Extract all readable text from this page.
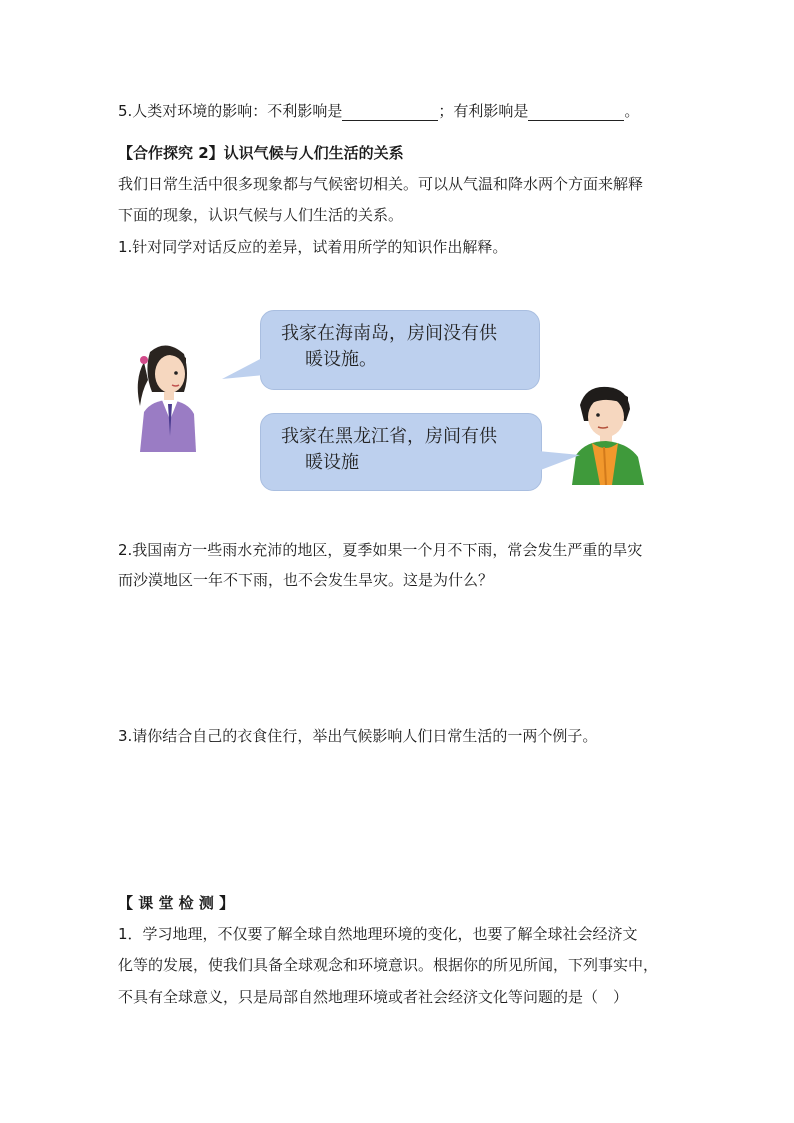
5.人类对环境的影响：不利影响是	；有利影响是	。
【合作探究 2】认识气候与人们生活的关系
我们日常生活中很多现象都与气候密切相关。可以从气温和降水两个方面来解释
下面的现象，认识气候与人们生活的关系。
1.针对同学对话反应的差异，试着用所学的知识作出解释。
我家在海南岛，房间没有供
暖设施。
我家在黑龙江省，房间有供
暖设施
2.我国南方一些雨水充沛的地区，夏季如果一个月不下雨，常会发生严重的旱灾
而沙漠地区一年不下雨，也不会发生旱灾。这是为什么？
3.请你结合自己的衣食住行，举出气候影响人们日常生活的一两个例子。
【 课 堂 检 测 】
1．学习地理，不仅要了解全球自然地理环境的变化，也要了解全球社会经济文
化等的发展，使我们具备全球观念和环境意识。根据你的所见所闻，下列事实中，
不具有全球意义，只是局部自然地理环境或者社会经济文化等问题的是（　）
